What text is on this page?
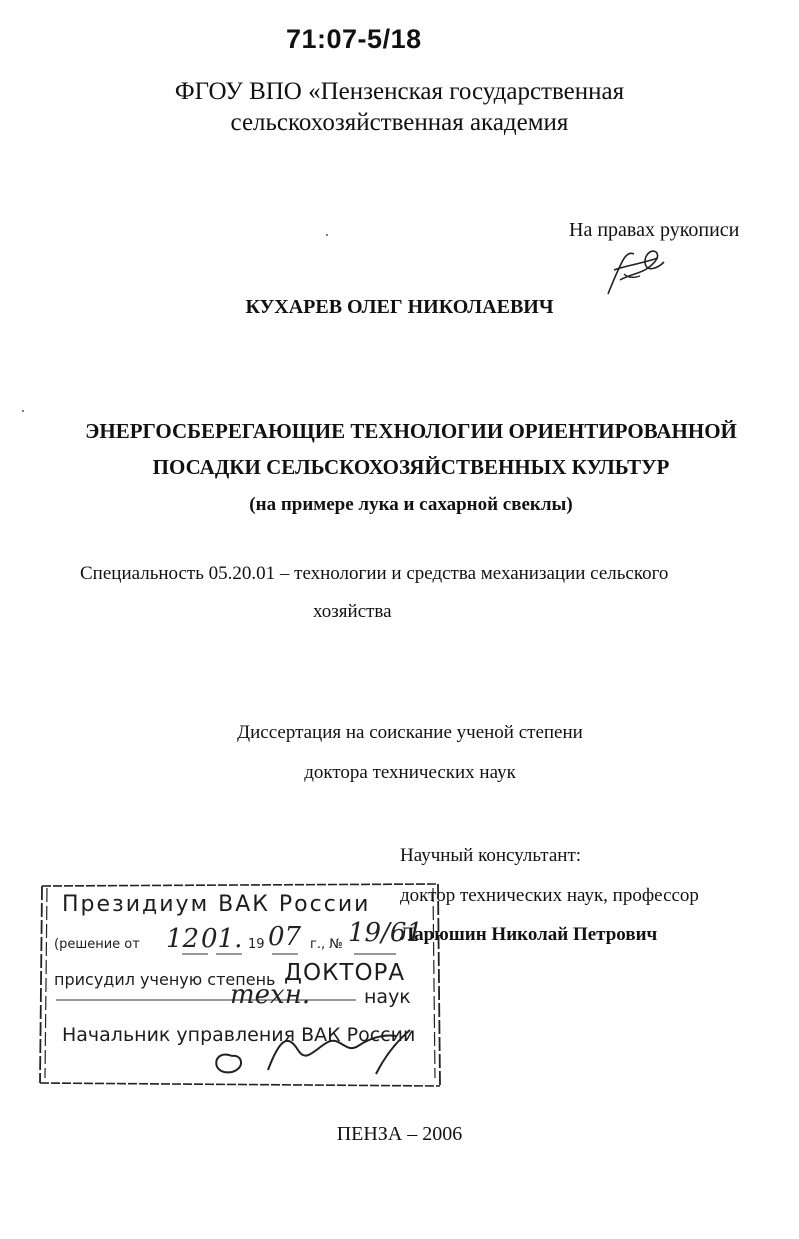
71:07-5/18
ФГОУ ВПО «Пензенская государственная
сельскохозяйственная академия
На правах рукописи
КУХАРЕВ ОЛЕГ НИКОЛАЕВИЧ
ЭНЕРГОСБЕРЕГАЮЩИЕ ТЕХНОЛОГИИ ОРИЕНТИРОВАННОЙ
ПОСАДКИ СЕЛЬСКОХОЗЯЙСТВЕННЫХ КУЛЬТУР
(на примере лука и сахарной свеклы)
Специальность 05.20.01 – технологии и средства механизации сельского
хозяйства
Диссертация на соискание ученой степени
доктора технических наук
Научный консультант:
доктор технических наук, профессор
Ларюшин Николай Петрович
Президиум ВАК России
(решение от 12 01. 19 07 г., № 19/61
присудил ученую степень ДОКТОРА
техн.	наук
Начальник управления ВАК России
ПЕНЗА – 2006
